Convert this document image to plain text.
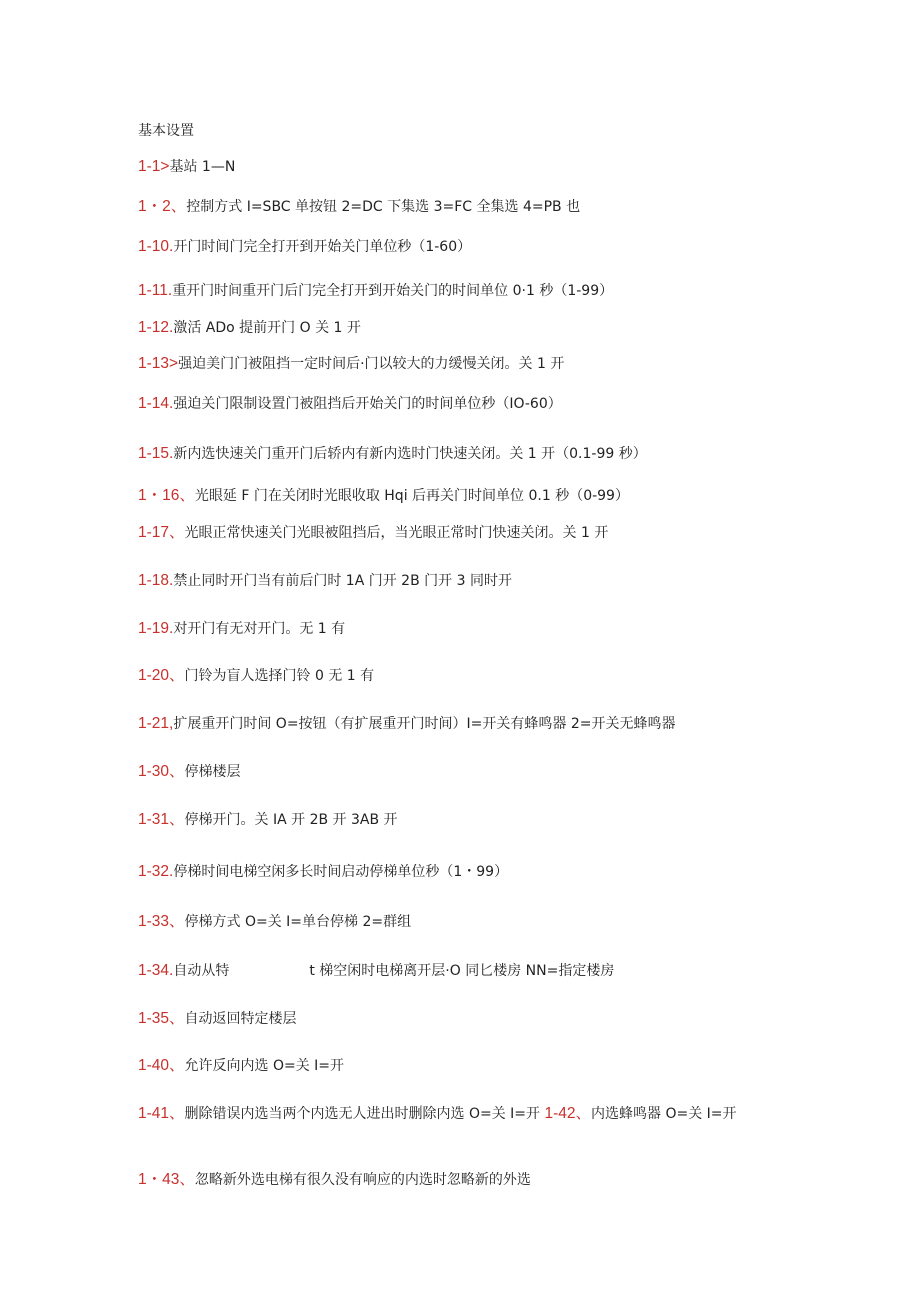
基本设置
1-1>基站 1—N
1・2、控制方式 I=SBC 单按钮 2=DC 下集选 3=FC 全集选 4=PB 也
1-10.开门时间门完全打开到开始关门单位秒（1-60）
1-11.重开门时间重开门后门完全打开到开始关门的时间单位 0·1 秒（1-99）
1-12.激活 ADo 提前开门 O 关 1 开
1-13>强迫美门门被阻挡一定时间后·门以较大的力缓慢关闭。关 1 开
1-14.强迫关门限制设置门被阻挡后开始关门的时间单位秒（IO-60）
1-15.新内选快速关门重开门后轿内有新内选时门快速关闭。关 1 开（0.1-99 秒）
1・16、光眼延 F 门在关闭时光眼收取 Hqi 后再关门时间单位 0.1 秒（0-99）
1-17、光眼正常快速关门光眼被阻挡后，当光眼正常时门快速关闭。关 1 开
1-18.禁止同时开门当有前后门时 1A 门开 2B 门开 3 同时开
1-19.对开门有无对开门。无 1 有
1-20、门铃为盲人选择门铃 0 无 1 有
1-21,扩展重开门时间 O=按钮（有扩展重开门时间）I=开关有蜂鸣器 2=开关无蜂鸣器
1-30、停梯楼层
1-31、停梯开门。关 IA 开 2B 开 3AB 开
1-32.停梯时间电梯空闲多长时间启动停梯单位秒（1・99）
1-33、停梯方式 O=关 I=单台停梯 2=群组
1-34.自动从特	t 梯空闲时电梯离开层·O 同匕楼房 NN=指定楼房
1-35、自动返回特定楼层
1-40、允许反向内选 O=关 I=开
1-41、删除错误内选当两个内选无人进出时删除内选 O=关 I=开 1-42、内选蜂鸣器 O=关 I=开
1・43、忽略新外选电梯有很久没有响应的内选时忽略新的外选
